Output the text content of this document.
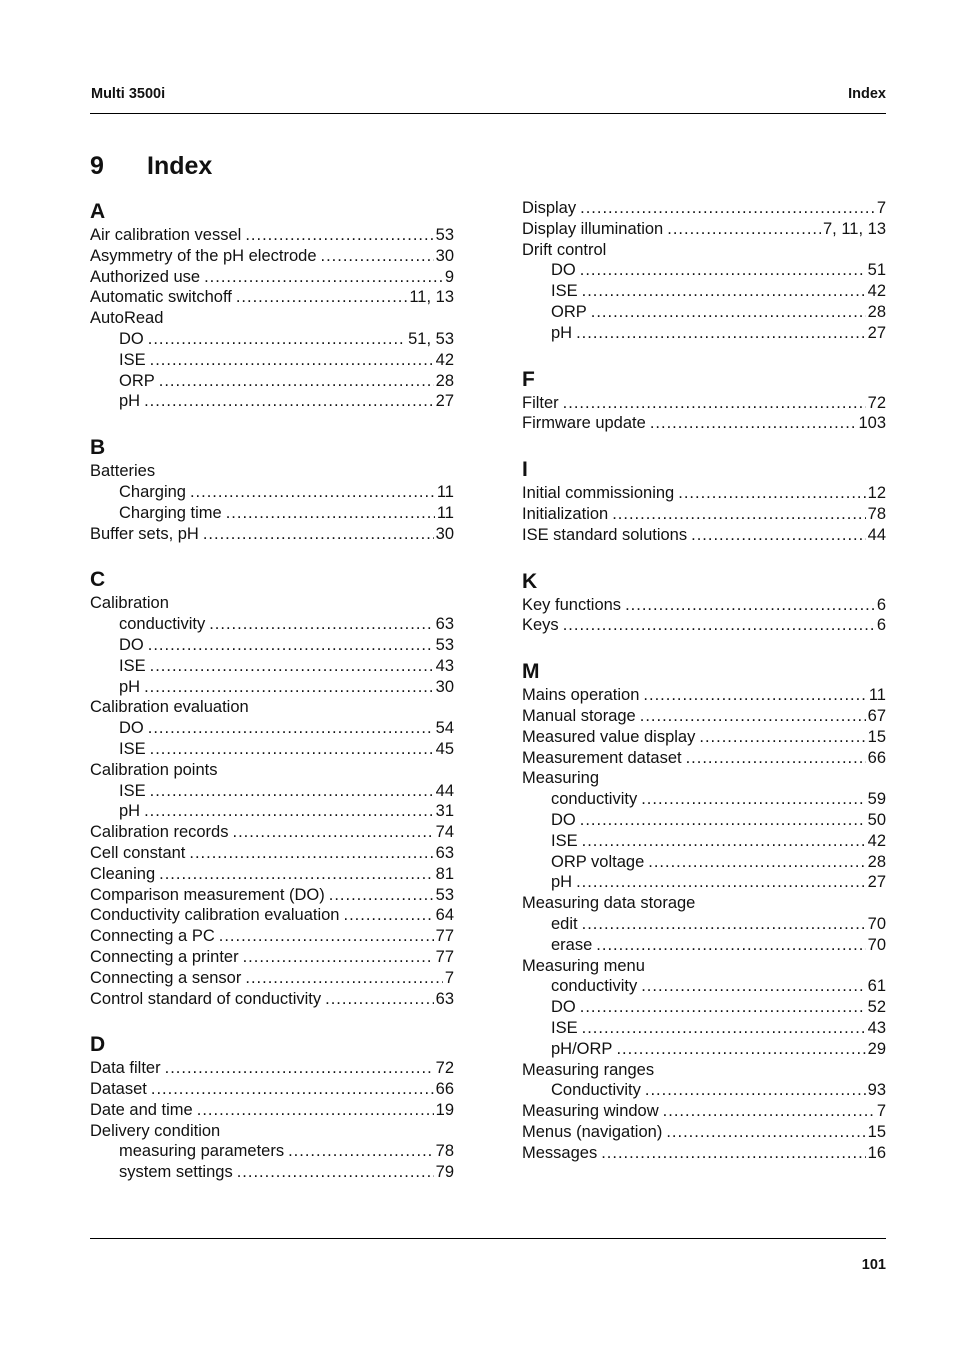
Multi 3500i	Index
9 Index
A
Air calibration vessel .....	53
Asymmetry of the pH electrode .....	30
Authorized use .....	9
Automatic switchoff .....	11, 13
AutoRead
DO .....	51, 53
ISE .....	42
ORP .....	28
pH .....	27
B
Batteries
Charging .....	11
Charging time .....	11
Buffer sets, pH .....	30
C
Calibration
conductivity .....	63
DO .....	53
ISE .....	43
pH .....	30
Calibration evaluation
DO .....	54
ISE .....	45
Calibration points
ISE .....	44
pH .....	31
Calibration records .....	74
Cell constant .....	63
Cleaning .....	81
Comparison measurement (DO) .....	53
Conductivity calibration evaluation .....	64
Connecting a PC .....	77
Connecting a printer .....	77
Connecting a sensor .....	7
Control standard of conductivity .....	63
D
Data filter .....	72
Dataset .....	66
Date and time .....	19
Delivery condition
measuring parameters .....	78
system settings .....	79
Display .....	7
Display illumination .....	7, 11, 13
Drift control
DO .....	51
ISE .....	42
ORP .....	28
pH .....	27
F
Filter .....	72
Firmware update .....	103
I
Initial commissioning .....	12
Initialization .....	78
ISE standard solutions .....	44
K
Key functions .....	6
Keys .....	6
M
Mains operation .....	11
Manual storage .....	67
Measured value display .....	15
Measurement dataset .....	66
Measuring
conductivity .....	59
DO .....	50
ISE .....	42
ORP voltage .....	28
pH .....	27
Measuring data storage
edit .....	70
erase .....	70
Measuring menu
conductivity .....	61
DO .....	52
ISE .....	43
pH/ORP .....	29
Measuring ranges
Conductivity .....	93
Measuring window .....	7
Menus (navigation) .....	15
Messages .....	16
101
